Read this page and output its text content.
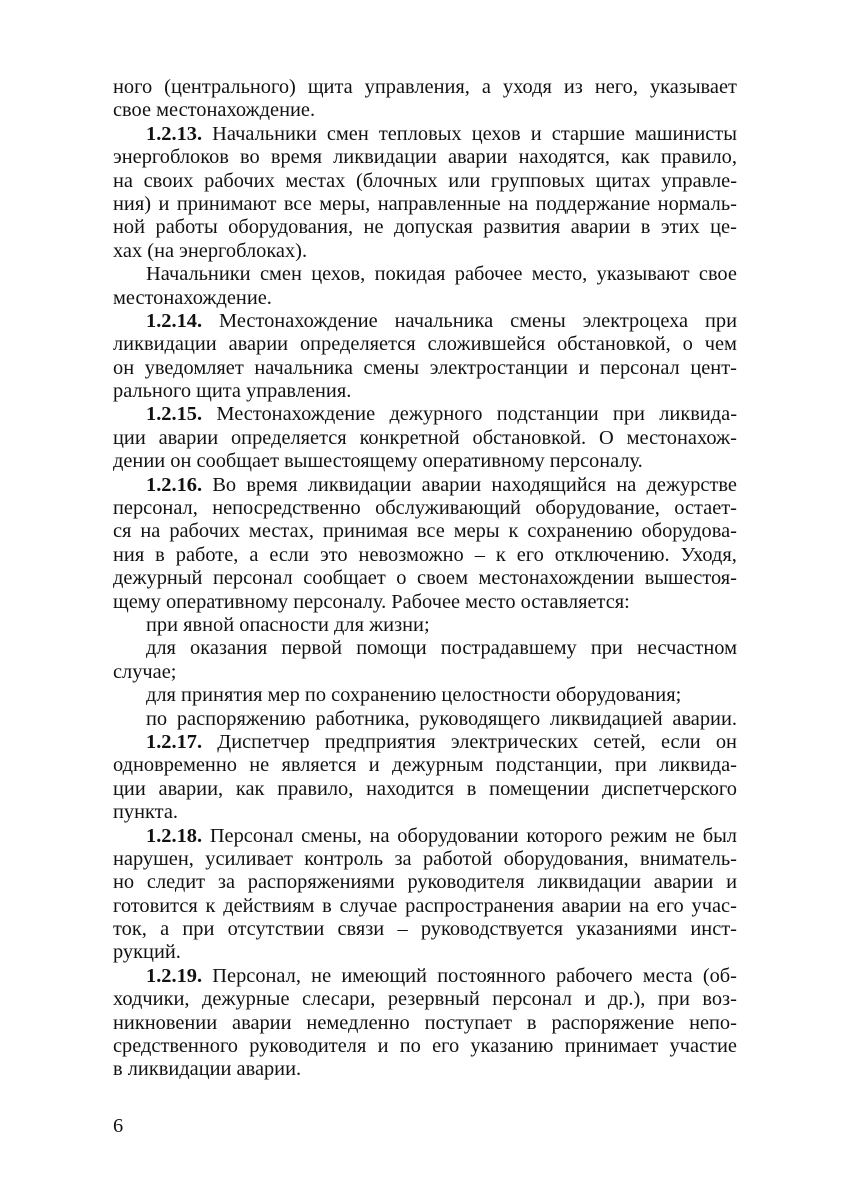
ного (центрального) щита управления, а уходя из него, указывает
свое местонахождение.
1.2.13. Начальники смен тепловых цехов и старшие машинисты
энергоблоков во время ликвидации аварии находятся, как правило,
на своих рабочих местах (блочных или групповых щитах управле-
ния) и принимают все меры, направленные на поддержание нормаль-
ной работы оборудования, не допуская развития аварии в этих це-
хах (на энергоблоках).
Начальники смен цехов, покидая рабочее место, указывают свое
местонахождение.
1.2.14. Местонахождение начальника смены электроцеха при
ликвидации аварии определяется сложившейся обстановкой, о чем
он уведомляет начальника смены электростанции и персонал цент-
рального щита управления.
1.2.15. Местонахождение дежурного подстанции при ликвида-
ции аварии определяется конкретной обстановкой. О местонахож-
дении он сообщает вышестоящему оперативному персоналу.
1.2.16. Во время ликвидации аварии находящийся на дежурстве
персонал, непосредственно обслуживающий оборудование, остает-
ся на рабочих местах, принимая все меры к сохранению оборудова-
ния в работе, а если это невозможно – к его отключению. Уходя,
дежурный персонал сообщает о своем местонахождении вышестоя-
щему оперативному персоналу. Рабочее место оставляется:
при явной опасности для жизни;
для оказания первой помощи пострадавшему при несчастном
случае;
для принятия мер по сохранению целостности оборудования;
по распоряжению работника, руководящего ликвидацией аварии.
1.2.17. Диспетчер предприятия электрических сетей, если он
одновременно не является и дежурным подстанции, при ликвида-
ции аварии, как правило, находится в помещении диспетчерского
пункта.
1.2.18. Персонал смены, на оборудовании которого режим не был
нарушен, усиливает контроль за работой оборудования, вниматель-
но следит за распоряжениями руководителя ликвидации аварии и
готовится к действиям в случае распространения аварии на его учас-
ток, а при отсутствии связи – руководствуется указаниями инст-
рукций.
1.2.19. Персонал, не имеющий постоянного рабочего места (об-
ходчики, дежурные слесари, резервный персонал и др.), при воз-
никновении аварии немедленно поступает в распоряжение непо-
средственного руководителя и по его указанию принимает участие
в ликвидации аварии.
6
